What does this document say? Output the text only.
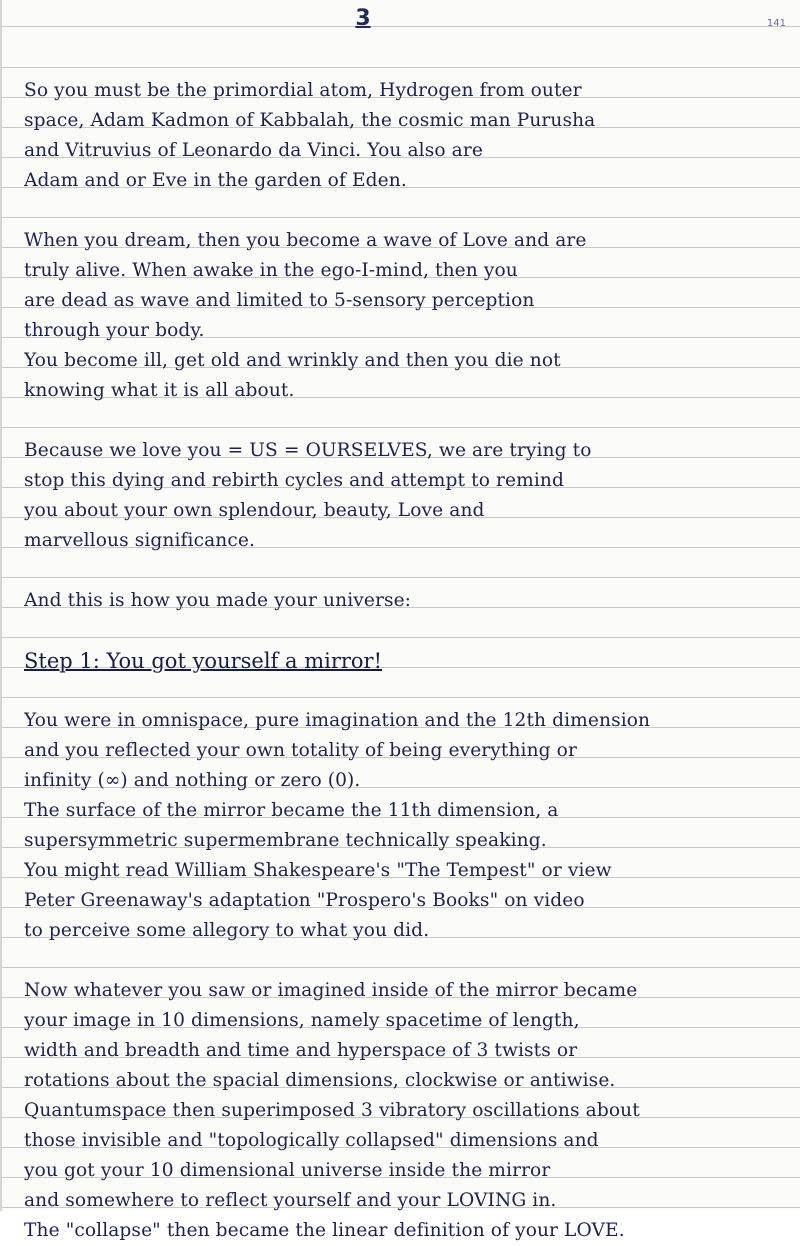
3	141
So you must be the primordial atom, Hydrogen from outer
space, Adam Kadmon of Kabbalah, the cosmic man Purusha
and Vitruvius of Leonardo da Vinci. You also are
Adam and or Eve in the garden of Eden.
When you dream, then you become a wave of Love and are
truly alive. When awake in the ego-I-mind, then you
are dead as wave and limited to 5-sensory perception
through your body.
You become ill, get old and wrinkly and then you die not
knowing what it is all about.
Because we love you = US = OURSELVES, we are trying to
stop this dying and rebirth cycles and attempt to remind
you about your own splendour, beauty, Love and
marvellous significance.
And this is how you made your universe:
Step 1: You got yourself a mirror!
You were in omnispace, pure imagination and the 12th dimension
and you reflected your own totality of being everything or
infinity (∞) and nothing or zero (0).
The surface of the mirror became the 11th dimension, a
supersymmetric supermembrane technically speaking.
You might read William Shakespeare's "The Tempest" or view
Peter Greenaway's adaptation "Prospero's Books" on video
to perceive some allegory to what you did.
Now whatever you saw or imagined inside of the mirror became
your image in 10 dimensions, namely spacetime of length,
width and breadth and time and hyperspace of 3 twists or
rotations about the spacial dimensions, clockwise or antiwise.
Quantumspace then superimposed 3 vibratory oscillations about
those invisible and "topologically collapsed" dimensions and
you got your 10 dimensional universe inside the mirror
and somewhere to reflect yourself and your LOVING in.
The "collapse" then became the linear definition of your LOVE.
